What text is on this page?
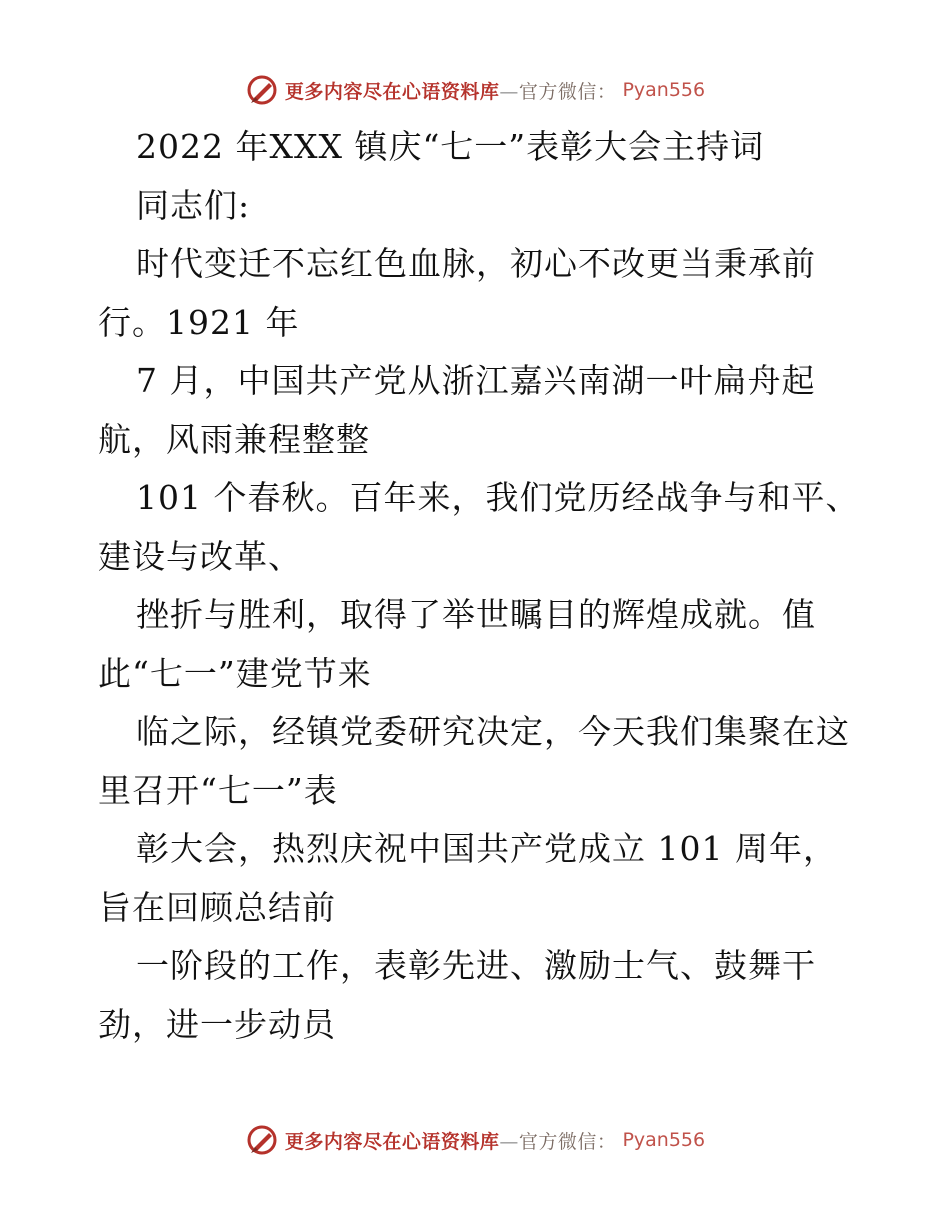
更多内容尽在心语资料库—官方微信： Pyan556
2022 年XXX 镇庆“七一”表彰大会主持词
同志们:
时代变迁不忘红色血脉，初心不改更当秉承前
行。1921 年
7 月，中国共产党从浙江嘉兴南湖一叶扁舟起
航，风雨兼程整整
101 个春秋。百年来，我们党历经战争与和平、
建设与改革、
挫折与胜利，取得了举世瞩目的辉煌成就。值
此“七一”建党节来
临之际，经镇党委研究决定，今天我们集聚在这
里召开“七一”表
彰大会，热烈庆祝中国共产党成立 101 周年，
旨在回顾总结前
一阶段的工作，表彰先进、激励士气、鼓舞干
劲，进一步动员
更多内容尽在心语资料库—官方微信： Pyan556
